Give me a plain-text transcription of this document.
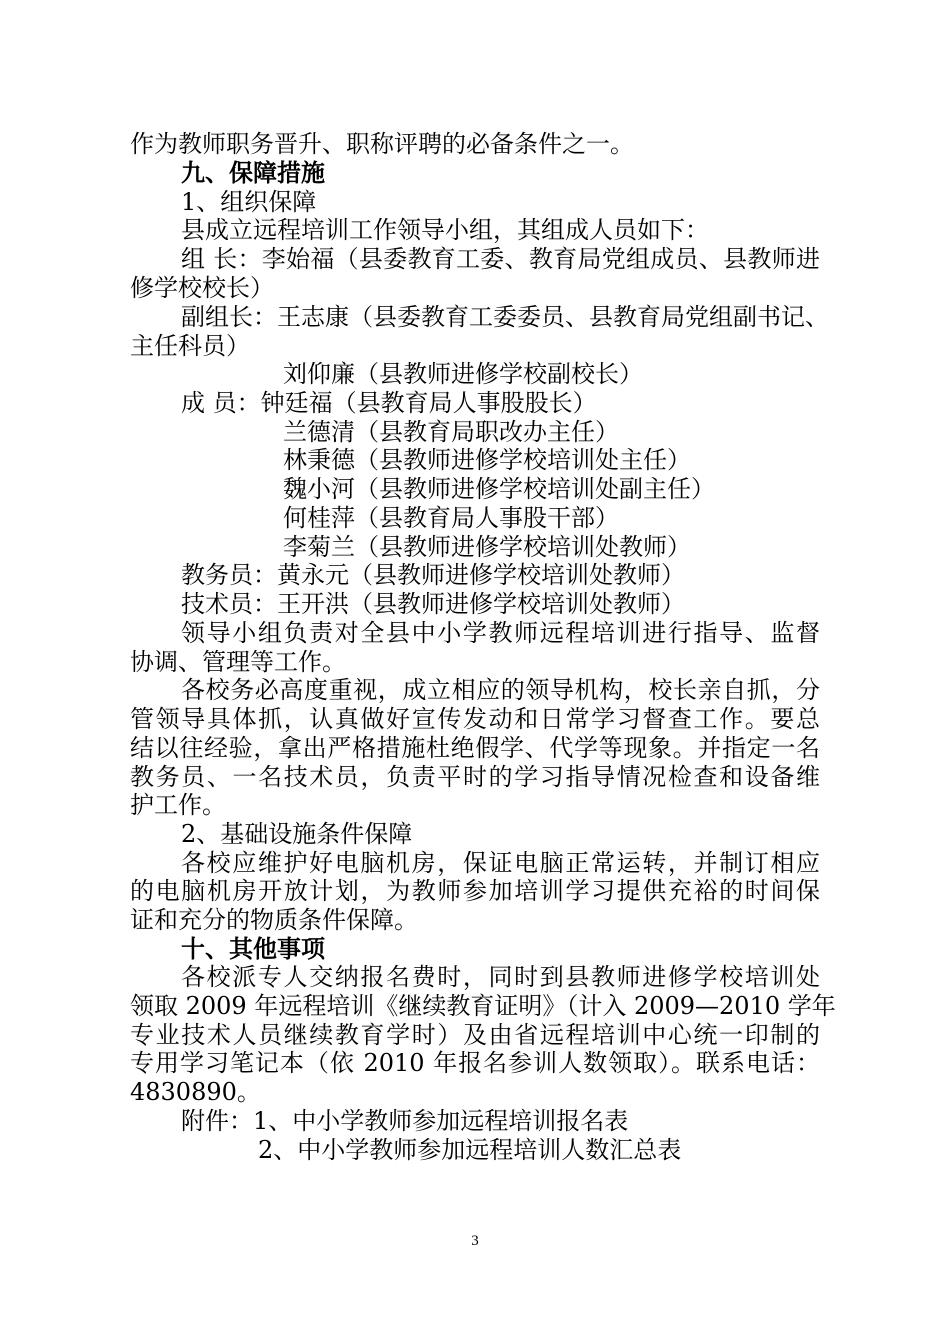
作为教师职务晋升、职称评聘的必备条件之一。
九、保障措施
1、组织保障
县成立远程培训工作领导小组，其组成人员如下：
组 长：李始福（县委教育工委、教育局党组成员、县教师进
修学校校长）
副组长：王志康（县委教育工委委员、县教育局党组副书记、
主任科员）
刘仰廉（县教师进修学校副校长）
成 员：钟廷福（县教育局人事股股长）
兰德清（县教育局职改办主任）
林秉德（县教师进修学校培训处主任）
魏小河（县教师进修学校培训处副主任）
何桂萍（县教育局人事股干部）
李菊兰（县教师进修学校培训处教师）
教务员：黄永元（县教师进修学校培训处教师）
技术员：王开洪（县教师进修学校培训处教师）
领导小组负责对全县中小学教师远程培训进行指导、监督
协调、管理等工作。
各校务必高度重视，成立相应的领导机构，校长亲自抓，分
管领导具体抓，认真做好宣传发动和日常学习督查工作。要总
结以往经验，拿出严格措施杜绝假学、代学等现象。并指定一名
教务员、一名技术员，负责平时的学习指导情况检查和设备维
护工作。
2、基础设施条件保障
各校应维护好电脑机房，保证电脑正常运转，并制订相应
的电脑机房开放计划，为教师参加培训学习提供充裕的时间保
证和充分的物质条件保障。
十、其他事项
各校派专人交纳报名费时，同时到县教师进修学校培训处
领取 2009 年远程培训《继续教育证明》（计入 2009—2010 学年
专业技术人员继续教育学时）及由省远程培训中心统一印制的
专用学习笔记本（依 2010 年报名参训人数领取）。联系电话：
4830890。
附件：1、中小学教师参加远程培训报名表
2、中小学教师参加远程培训人数汇总表
3
